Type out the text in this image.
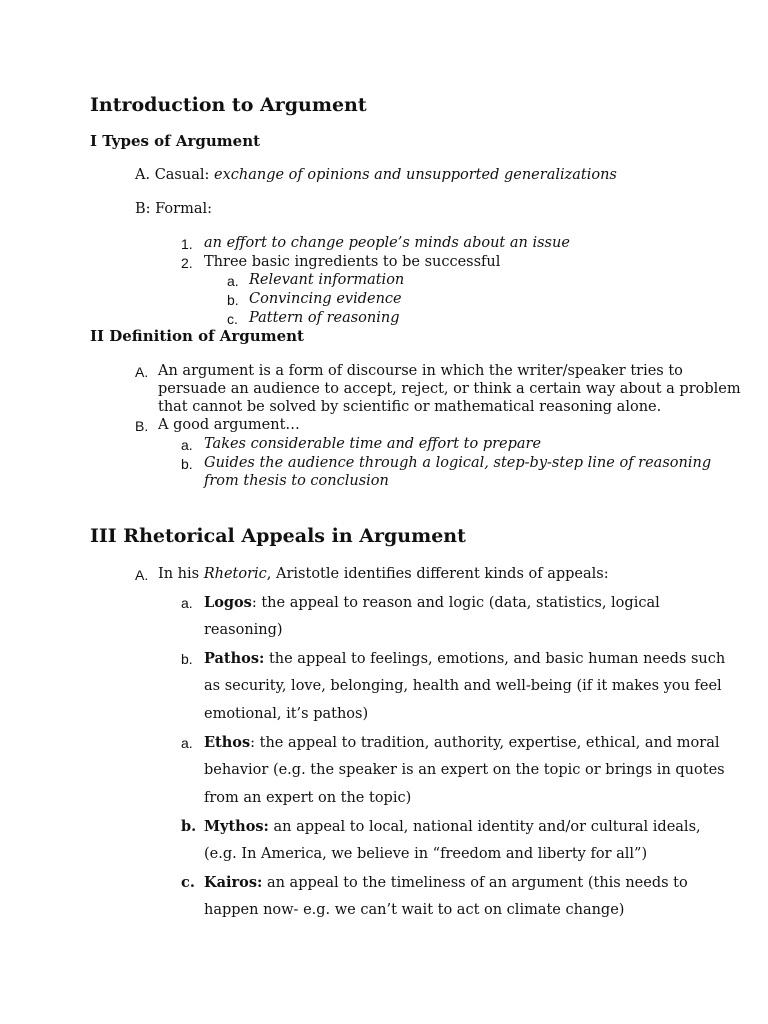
Introduction to Argument
I Types of Argument
A. Casual: exchange of opinions and unsupported generalizations
B: Formal:
1. an effort to change people’s minds about an issue
2. Three basic ingredients to be successful
a. Relevant information
b. Convincing evidence
c. Pattern of reasoning
II Definition of Argument
A. An argument is a form of discourse in which the writer/speaker tries to
persuade an audience to accept, reject, or think a certain way about a problem
that cannot be solved by scientific or mathematical reasoning alone.
B. A good argument…
a. Takes considerable time and effort to prepare
b. Guides the audience through a logical, step-by-step line of reasoning
from thesis to conclusion
III Rhetorical Appeals in Argument
A. In his Rhetoric, Aristotle identifies different kinds of appeals:
a. Logos: the appeal to reason and logic (data, statistics, logical
reasoning)
b. Pathos: the appeal to feelings, emotions, and basic human needs such
as security, love, belonging, health and well-being (if it makes you feel
emotional, it’s pathos)
a. Ethos: the appeal to tradition, authority, expertise, ethical, and moral
behavior (e.g. the speaker is an expert on the topic or brings in quotes
from an expert on the topic)
b. Mythos: an appeal to local, national identity and/or cultural ideals,
(e.g. In America, we believe in “freedom and liberty for all”)
c. Kairos: an appeal to the timeliness of an argument (this needs to
happen now- e.g. we can’t wait to act on climate change)
